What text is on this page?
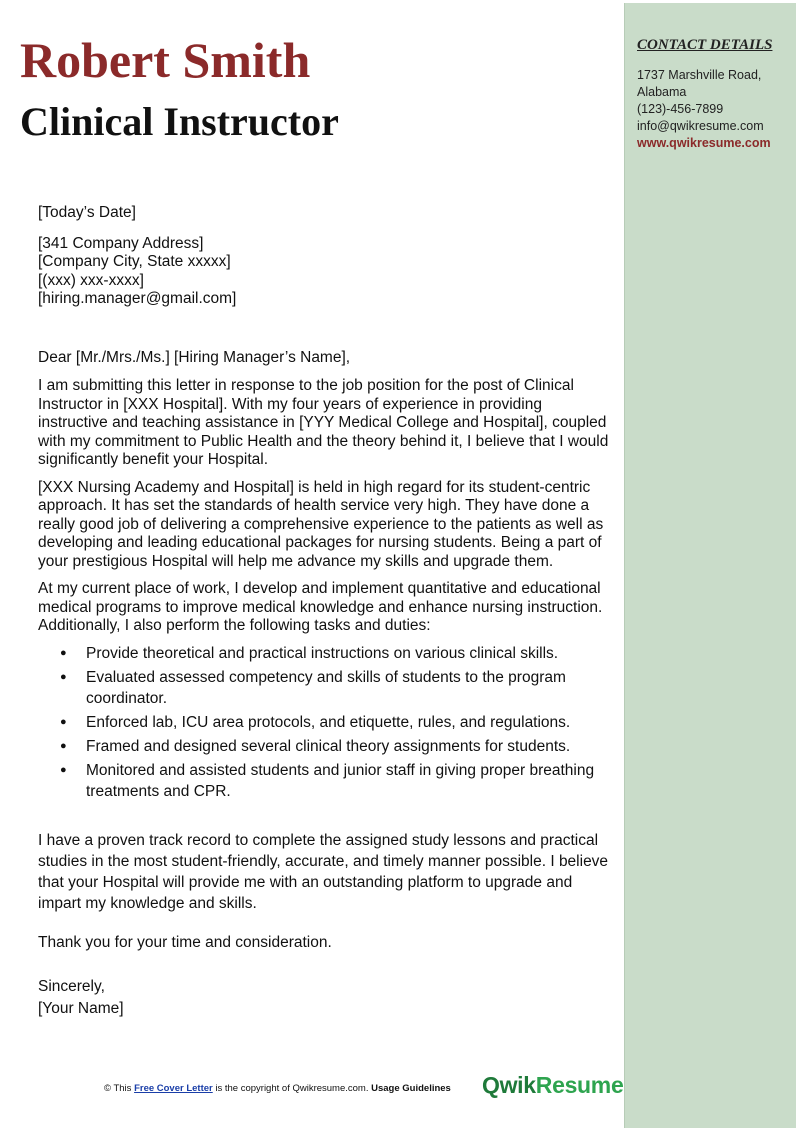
Robert Smith
Clinical Instructor
CONTACT DETAILS
1737 Marshville Road,
Alabama
(123)-456-7899
info@qwikresume.com
www.qwikresume.com

[Today’s Date]

[341 Company Address]

[Company City, State xxxxx]

[(xxx) xxx-xxxx]

[hiring.manager@gmail.com]

Dear [Mr./Mrs./Ms.] [Hiring Manager’s Name],

I am submitting this letter in response to the job position for the post of Clinical Instructor in [XXX Hospital]. With my four years of experience in providing instructive and teaching assistance in [YYY Medical College and Hospital], coupled with my commitment to Public Health and the theory behind it, I believe that I would significantly benefit your Hospital.

[XXX Nursing Academy and Hospital] is held in high regard for its student-centric approach. It has set the standards of health service very high. They have done a really good job of delivering a comprehensive experience to the patients as well as developing and leading educational packages for nursing students. Being a part of your prestigious Hospital will help me advance my skills and upgrade them.

At my current place of work, I develop and implement quantitative and educational medical programs to improve medical knowledge and enhance nursing instruction. Additionally, I also perform the following tasks and duties:

● Provide theoretical and practical instructions on various clinical skills.
● Evaluated assessed competency and skills of students to the program coordinator.
● Enforced lab, ICU area protocols, and etiquette, rules, and regulations.
● Framed and designed several clinical theory assignments for students.
● Monitored and assisted students and junior staff in giving proper breathing treatments and CPR.

I have a proven track record to complete the assigned study lessons and practical studies in the most student-friendly, accurate, and timely manner possible. I believe that your Hospital will provide me with an outstanding platform to upgrade and impart my knowledge and skills.

Thank you for your time and consideration.

Sincerely,

[Your Name]

© This Free Cover Letter is the copyright of Qwikresume.com. Usage Guidelines QwikResume
